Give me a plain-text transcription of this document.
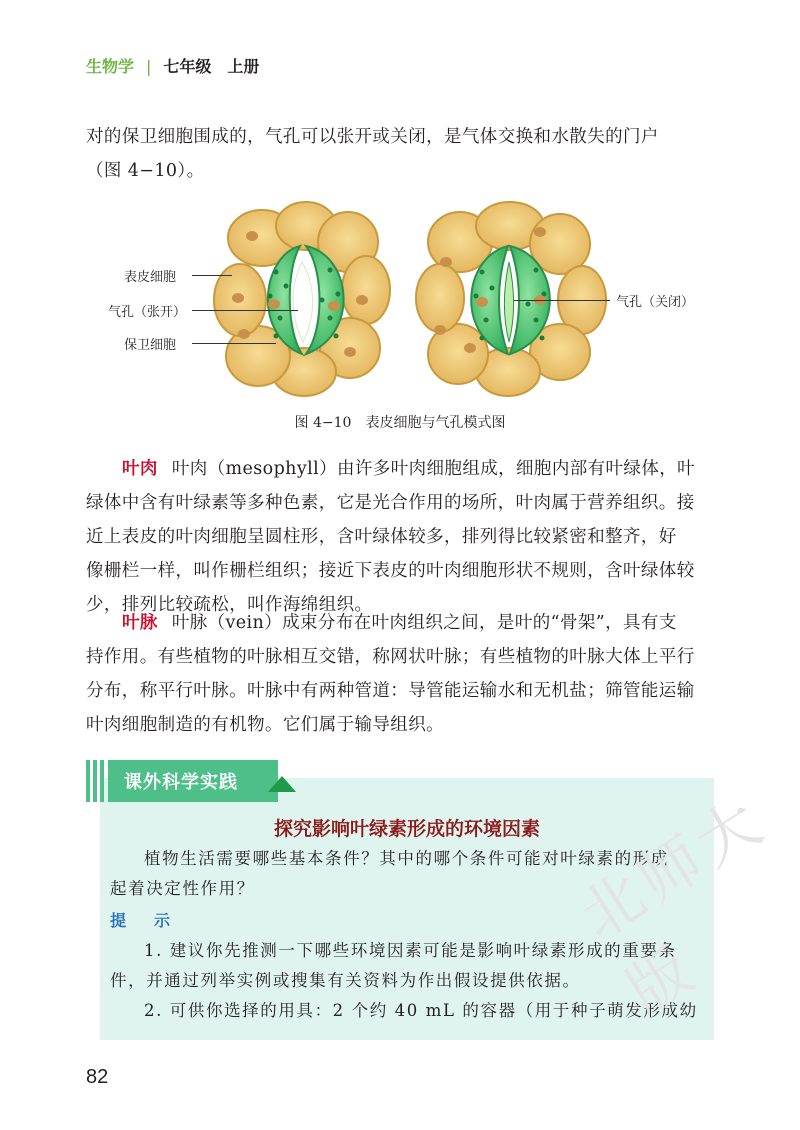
生物学 | 七年级　上册
对的保卫细胞围成的，气孔可以张开或关闭，是气体交换和水散失的门户
（图 4−10）。
表皮细胞
气孔（张开）
保卫细胞
气孔（关闭）
图 4−10　表皮细胞与气孔模式图
叶肉 叶肉（mesophyll）由许多叶肉细胞组成，细胞内部有叶绿体，叶
绿体中含有叶绿素等多种色素，它是光合作用的场所，叶肉属于营养组织。接
近上表皮的叶肉细胞呈圆柱形，含叶绿体较多，排列得比较紧密和整齐，好
像栅栏一样，叫作栅栏组织；接近下表皮的叶肉细胞形状不规则，含叶绿体较
少，排列比较疏松，叫作海绵组织。
叶脉 叶脉（vein）成束分布在叶肉组织之间，是叶的“骨架”，具有支
持作用。有些植物的叶脉相互交错，称网状叶脉；有些植物的叶脉大体上平行
分布，称平行叶脉。叶脉中有两种管道：导管能运输水和无机盐；筛管能运输
叶肉细胞制造的有机物。它们属于输导组织。
课外科学实践
探究影响叶绿素形成的环境因素
植物生活需要哪些基本条件？其中的哪个条件可能对叶绿素的形成
起着决定性作用？
提　示
1. 建议你先推测一下哪些环境因素可能是影响叶绿素形成的重要条
件，并通过列举实例或搜集有关资料为作出假设提供依据。
2. 可供你选择的用具：2 个约 40 mL 的容器（用于种子萌发形成幼
82
北师大版
